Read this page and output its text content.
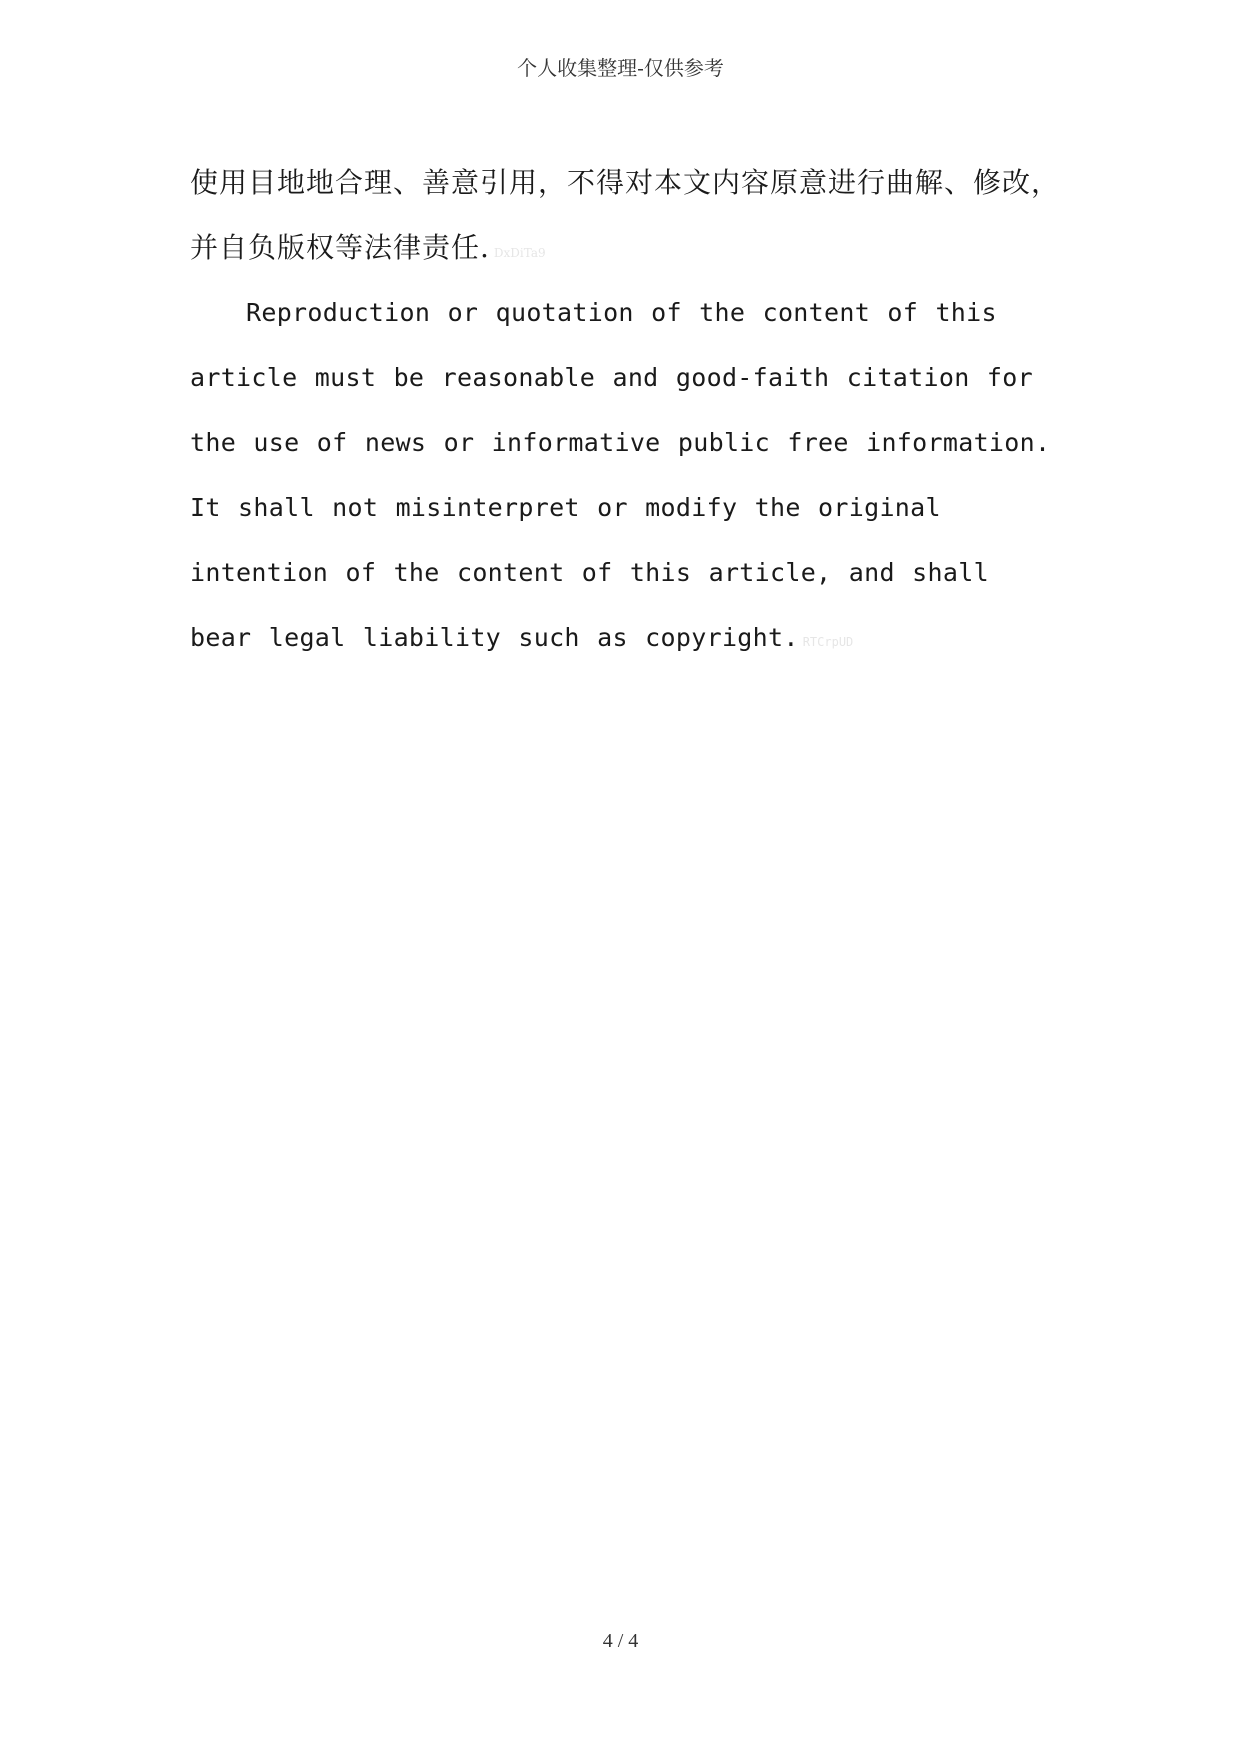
个人收集整理-仅供参考

使用目地地合理、善意引用，不得对本文内容原意进行曲解、修改，并自负版权等法律责任. DxDiTa9

Reproduction or quotation of the content of this article must be reasonable and good-faith citation for the use of news or informative public free information. It shall not misinterpret or modify the original intention of the content of this article, and shall bear legal liability such as copyright. RTCrpUD

4 / 4
